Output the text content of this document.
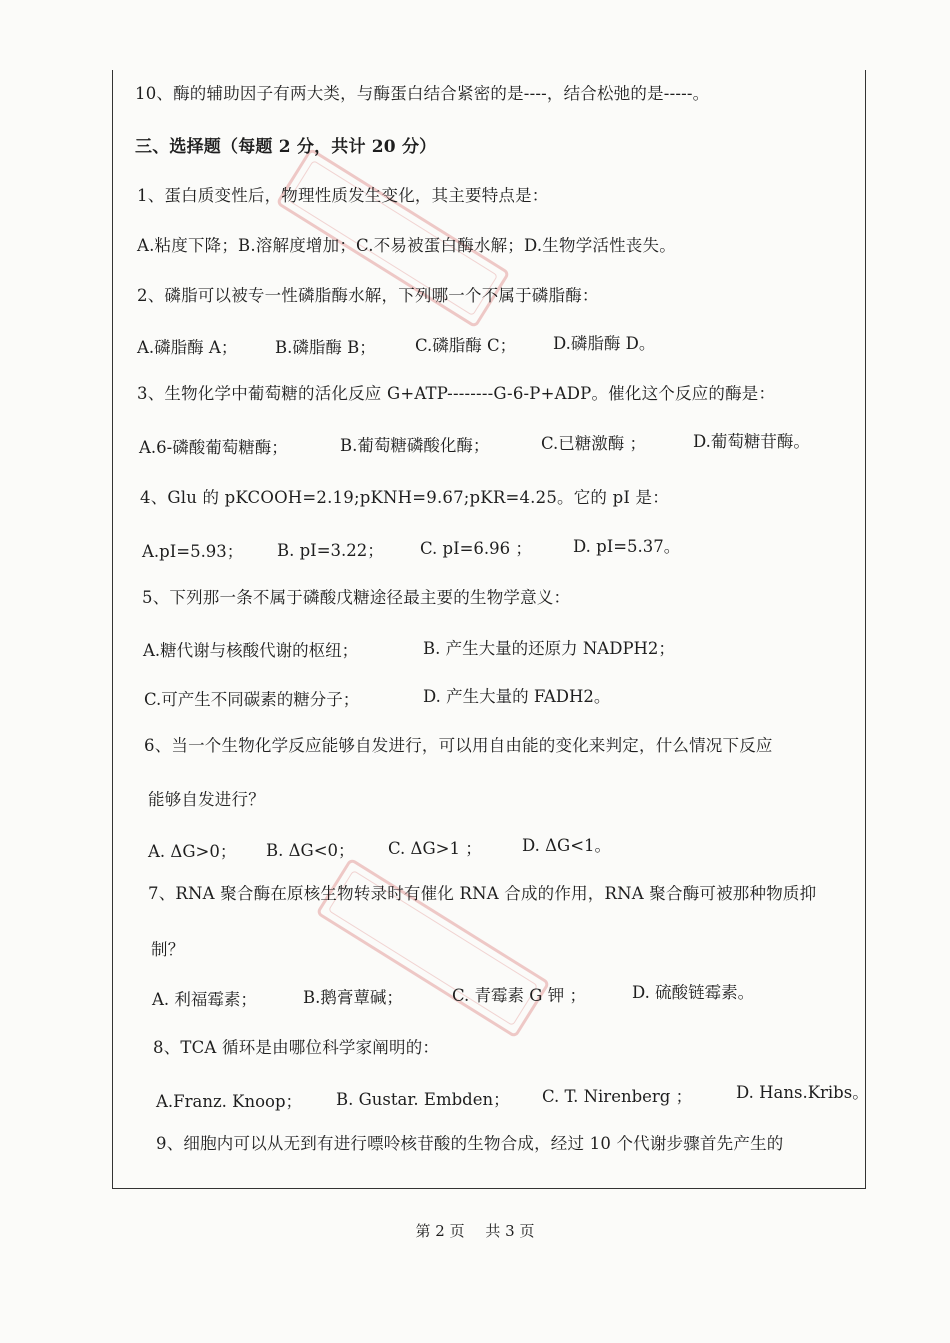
10、酶的辅助因子有两大类，与酶蛋白结合紧密的是----，结合松弛的是-----。
三、选择题（每题 2 分，共计 20 分）
1、蛋白质变性后，物理性质发生变化，其主要特点是：
A.粘度下降；B.溶解度增加；C.不易被蛋白酶水解；D.生物学活性丧失。
2、磷脂可以被专一性磷脂酶水解，下列哪一个不属于磷脂酶：
A.磷脂酶 A； B.磷脂酶 B； C.磷脂酶 C； D.磷脂酶 D。
3、生物化学中葡萄糖的活化反应 G+ATP--------G-6-P+ADP。催化这个反应的酶是：
A.6-磷酸葡萄糖酶；	B.葡萄糖磷酸化酶；	C.已糖激酶 ；	D.葡萄糖苷酶。
4、Glu 的 pKCOOH=2.19;pKNH=9.67;pKR=4.25。它的 pI 是：
A.pI=5.93； B. pI=3.22； C. pI=6.96 ； D. pI=5.37。
5、下列那一条不属于磷酸戊糖途径最主要的生物学意义：
A.糖代谢与核酸代谢的枢纽；	B. 产生大量的还原力 NADPH2；
C.可产生不同碳素的糖分子；	D. 产生大量的 FADH2。
6、当一个生物化学反应能够自发进行，可以用自由能的变化来判定，什么情况下反应
能够自发进行？
A. ΔG>0； B. ΔG<0； C. ΔG>1 ； D. ΔG<1。
7、RNA 聚合酶在原核生物转录时有催化 RNA 合成的作用，RNA 聚合酶可被那种物质抑
制？
A. 利福霉素；	B.鹅膏蕈碱；	C. 青霉素 G 钾 ；	D. 硫酸链霉素。
8、TCA 循环是由哪位科学家阐明的：
A.Franz. Knoop； B. Gustar. Embden； C. T. Nirenberg ；	D. Hans.Kribs。
9、细胞内可以从无到有进行嘌呤核苷酸的生物合成，经过 10 个代谢步骤首先产生的
第 2 页 共 3 页
